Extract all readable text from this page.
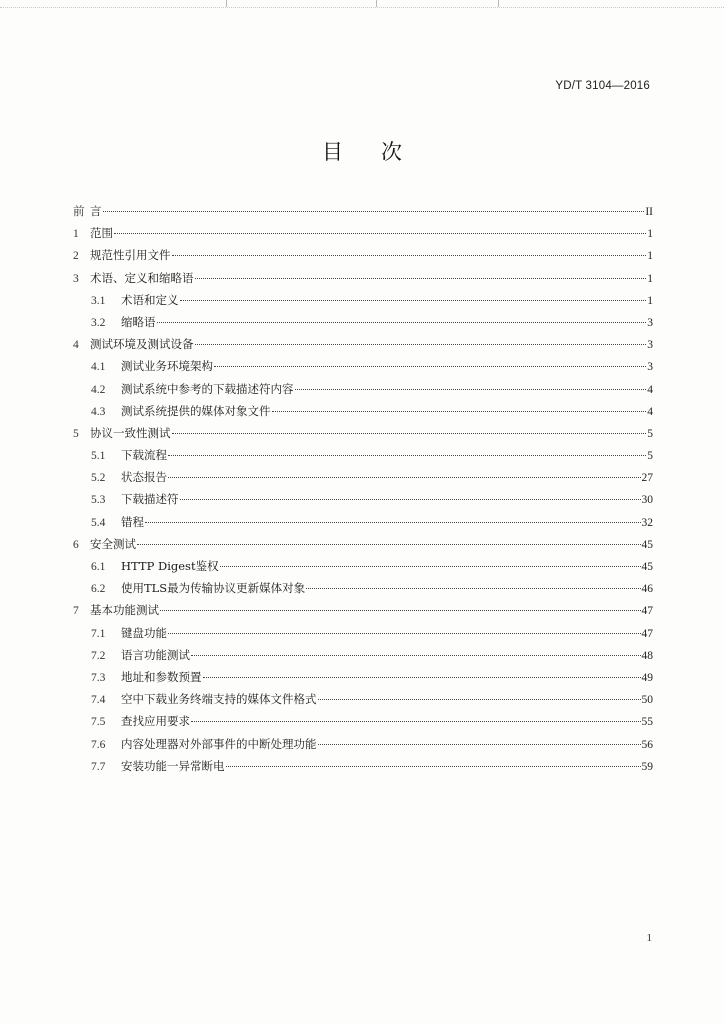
YD/T 3104—2016
目次
前 言	II
1 范围	1
2 规范性引用文件	1
3 术语、定义和缩略语	1
3.1	术语和定义	1
3.2	缩略语	3
4 测试环境及测试设备	3
4.1	测试业务环境架构	3
4.2	测试系统中参考的下载描述符内容	4
4.3	测试系统提供的媒体对象文件	4
5 协议一致性测试	5
5.1	下载流程	5
5.2	状态报告	27
5.3	下载描述符	30
5.4	错程	32
6 安全测试	45
6.1	HTTP Digest鉴权	45
6.2	使用TLS最为传输协议更新媒体对象	46
7 基本功能测试	47
7.1	键盘功能	47
7.2	语言功能测试	48
7.3	地址和参数预置	49
7.4	空中下载业务终端支持的媒体文件格式	50
7.5	查找应用要求	55
7.6	内容处理器对外部事件的中断处理功能	56
7.7	安装功能一异常断电	59
1
